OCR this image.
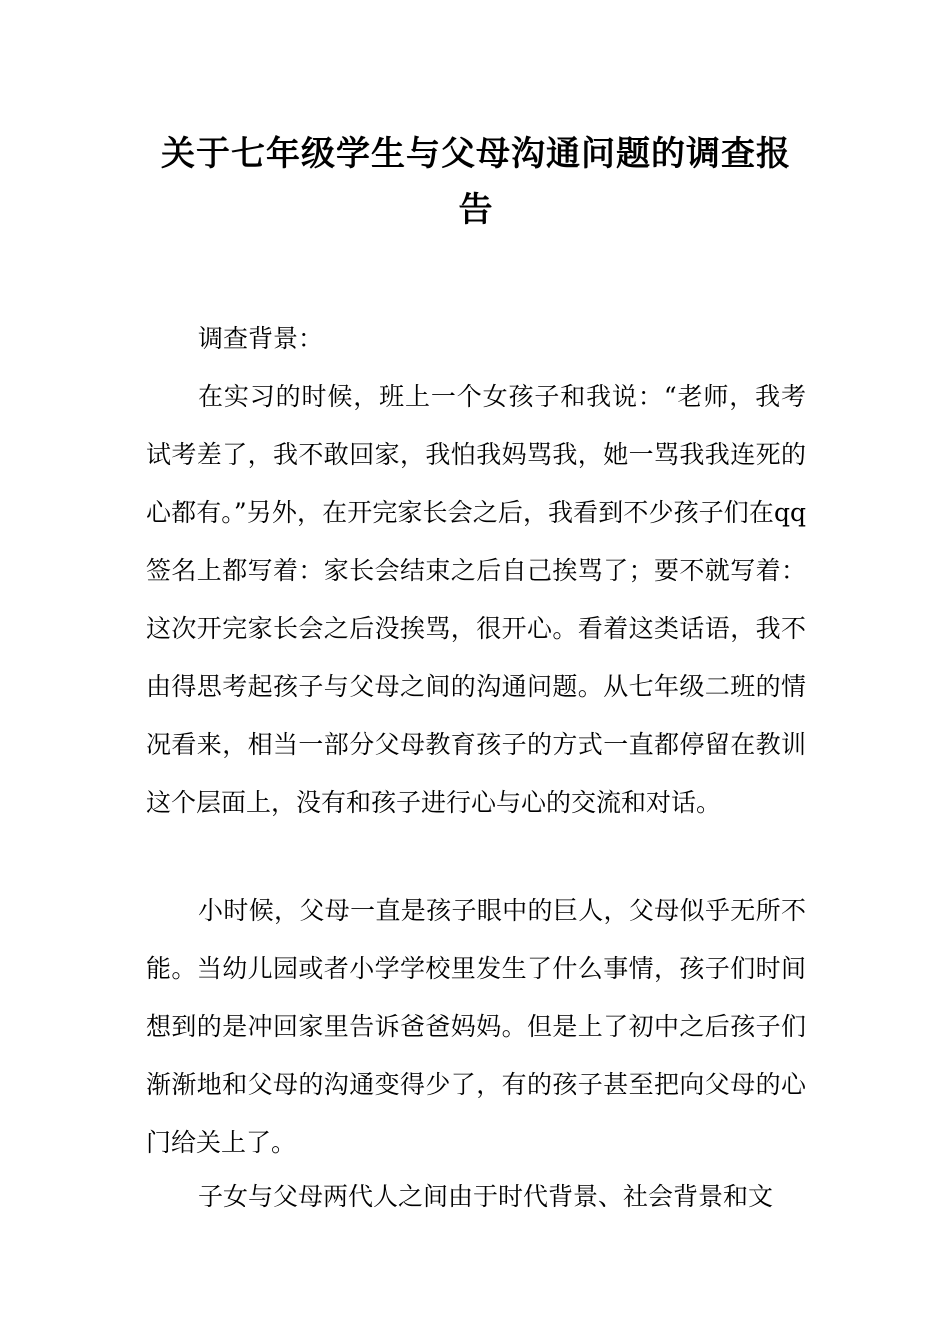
关于七年级学生与父母沟通问题的调查报告

调查背景：

在实习的时候，班上一个女孩子和我说：“老师，我考试考差了，我不敢回家，我怕我妈骂我，她一骂我我连死的心都有。”另外，在开完家长会之后，我看到不少孩子们在qq签名上都写着：家长会结束之后自己挨骂了；要不就写着：这次开完家长会之后没挨骂，很开心。看着这类话语，我不由得思考起孩子与父母之间的沟通问题。从七年级二班的情况看来，相当一部分父母教育孩子的方式一直都停留在教训这个层面上，没有和孩子进行心与心的交流和对话。

小时候，父母一直是孩子眼中的巨人，父母似乎无所不能。当幼儿园或者小学学校里发生了什么事情，孩子们时间想到的是冲回家里告诉爸爸妈妈。但是上了初中之后孩子们渐渐地和父母的沟通变得少了，有的孩子甚至把向父母的心门给关上了。

子女与父母两代人之间由于时代背景、社会背景和文
